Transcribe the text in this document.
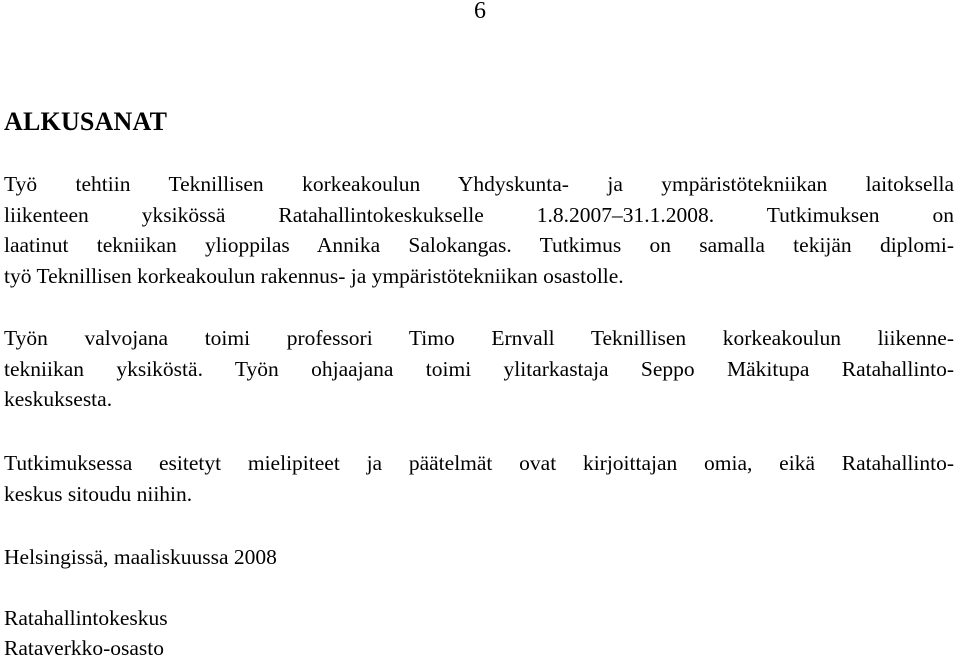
6
ALKUSANAT
Työ tehtiin Teknillisen korkeakoulun Yhdyskunta- ja ympäristötekniikan laitoksella
liikenteen yksikössä Ratahallintokeskukselle 1.8.2007–31.1.2008. Tutkimuksen on
laatinut tekniikan ylioppilas Annika Salokangas. Tutkimus on samalla tekijän diplomi-
työ Teknillisen korkeakoulun rakennus- ja ympäristötekniikan osastolle.
Työn valvojana toimi professori Timo Ernvall Teknillisen korkeakoulun liikenne-
tekniikan yksiköstä. Työn ohjaajana toimi ylitarkastaja Seppo Mäkitupa Ratahallinto-
keskuksesta.
Tutkimuksessa esitetyt mielipiteet ja päätelmät ovat kirjoittajan omia, eikä Ratahallinto-
keskus sitoudu niihin.
Helsingissä, maaliskuussa 2008
Ratahallintokeskus
Rataverkko-osasto
